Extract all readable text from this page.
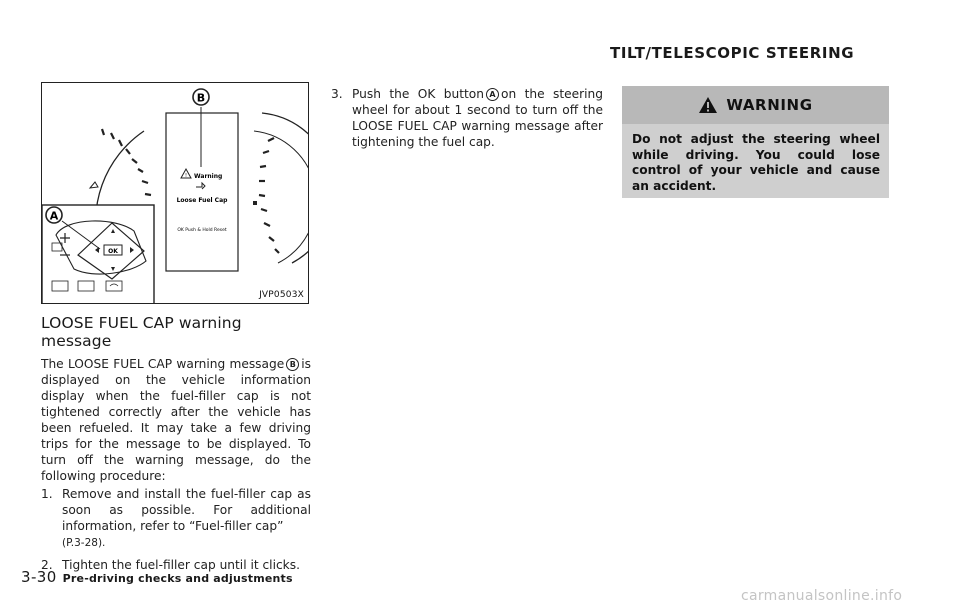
TILT/TELESCOPIC STEERING
! Warning
Loose Fuel Cap
OK Push & Hold Reset
B
OK
A
JVP0503X
LOOSE FUEL CAP warning message

The LOOSE FUEL CAP warning message B is displayed on the vehicle information display when the fuel-filler cap is not tightened correctly after the vehicle has been refueled. It may take a few driving trips for the message to be displayed. To turn off the warning message, do the following procedure:

1. Remove and install the fuel-filler cap as soon as possible. For additional information, refer to “Fuel-filler cap”
(P.3-28).
2. Tighten the fuel-filler cap until it clicks.
3. Push the OK button A on the steering wheel for about 1 second to turn off the LOOSE FUEL CAP warning message after tightening the fuel cap.
WARNING
Do not adjust the steering wheel while driving. You could lose control of your vehicle and cause an accident.
3-30 Pre-driving checks and adjustments
carmanualsonline.info
